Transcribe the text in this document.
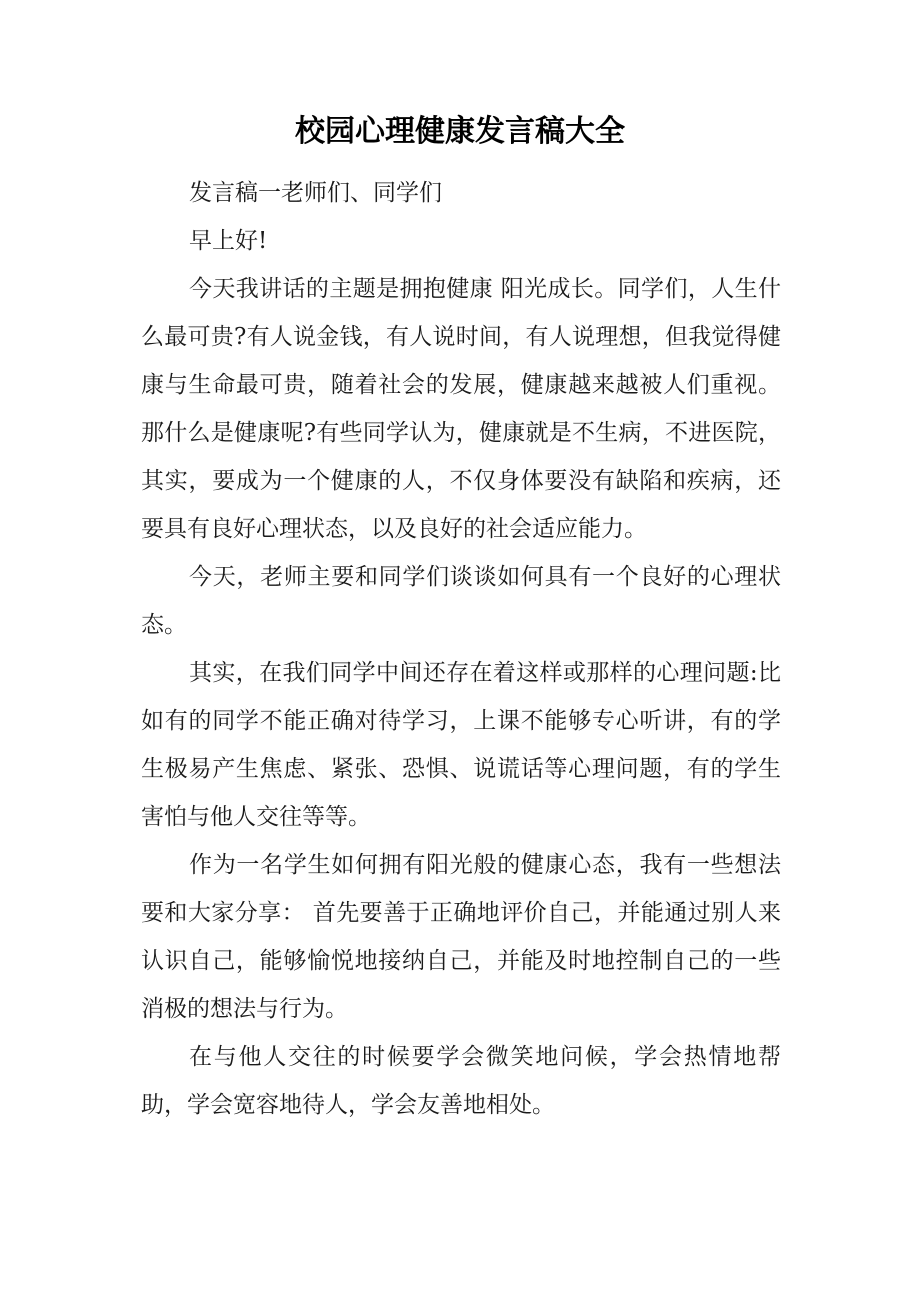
校园心理健康发言稿大全

发言稿一老师们、同学们

早上好!

今天我讲话的主题是拥抱健康 阳光成长。同学们，人生什么最可贵?有人说金钱，有人说时间，有人说理想，但我觉得健康与生命最可贵，随着社会的发展，健康越来越被人们重视。那什么是健康呢?有些同学认为，健康就是不生病，不进医院，其实，要成为一个健康的人，不仅身体要没有缺陷和疾病，还要具有良好心理状态，以及良好的社会适应能力。

今天，老师主要和同学们谈谈如何具有一个良好的心理状态。

其实，在我们同学中间还存在着这样或那样的心理问题:比如有的同学不能正确对待学习，上课不能够专心听讲，有的学生极易产生焦虑、紧张、恐惧、说谎话等心理问题，有的学生害怕与他人交往等等。

作为一名学生如何拥有阳光般的健康心态，我有一些想法要和大家分享： 首先要善于正确地评价自己，并能通过别人来认识自己，能够愉悦地接纳自己，并能及时地控制自己的一些消极的想法与行为。

在与他人交往的时候要学会微笑地问候，学会热情地帮助，学会宽容地待人，学会友善地相处。
